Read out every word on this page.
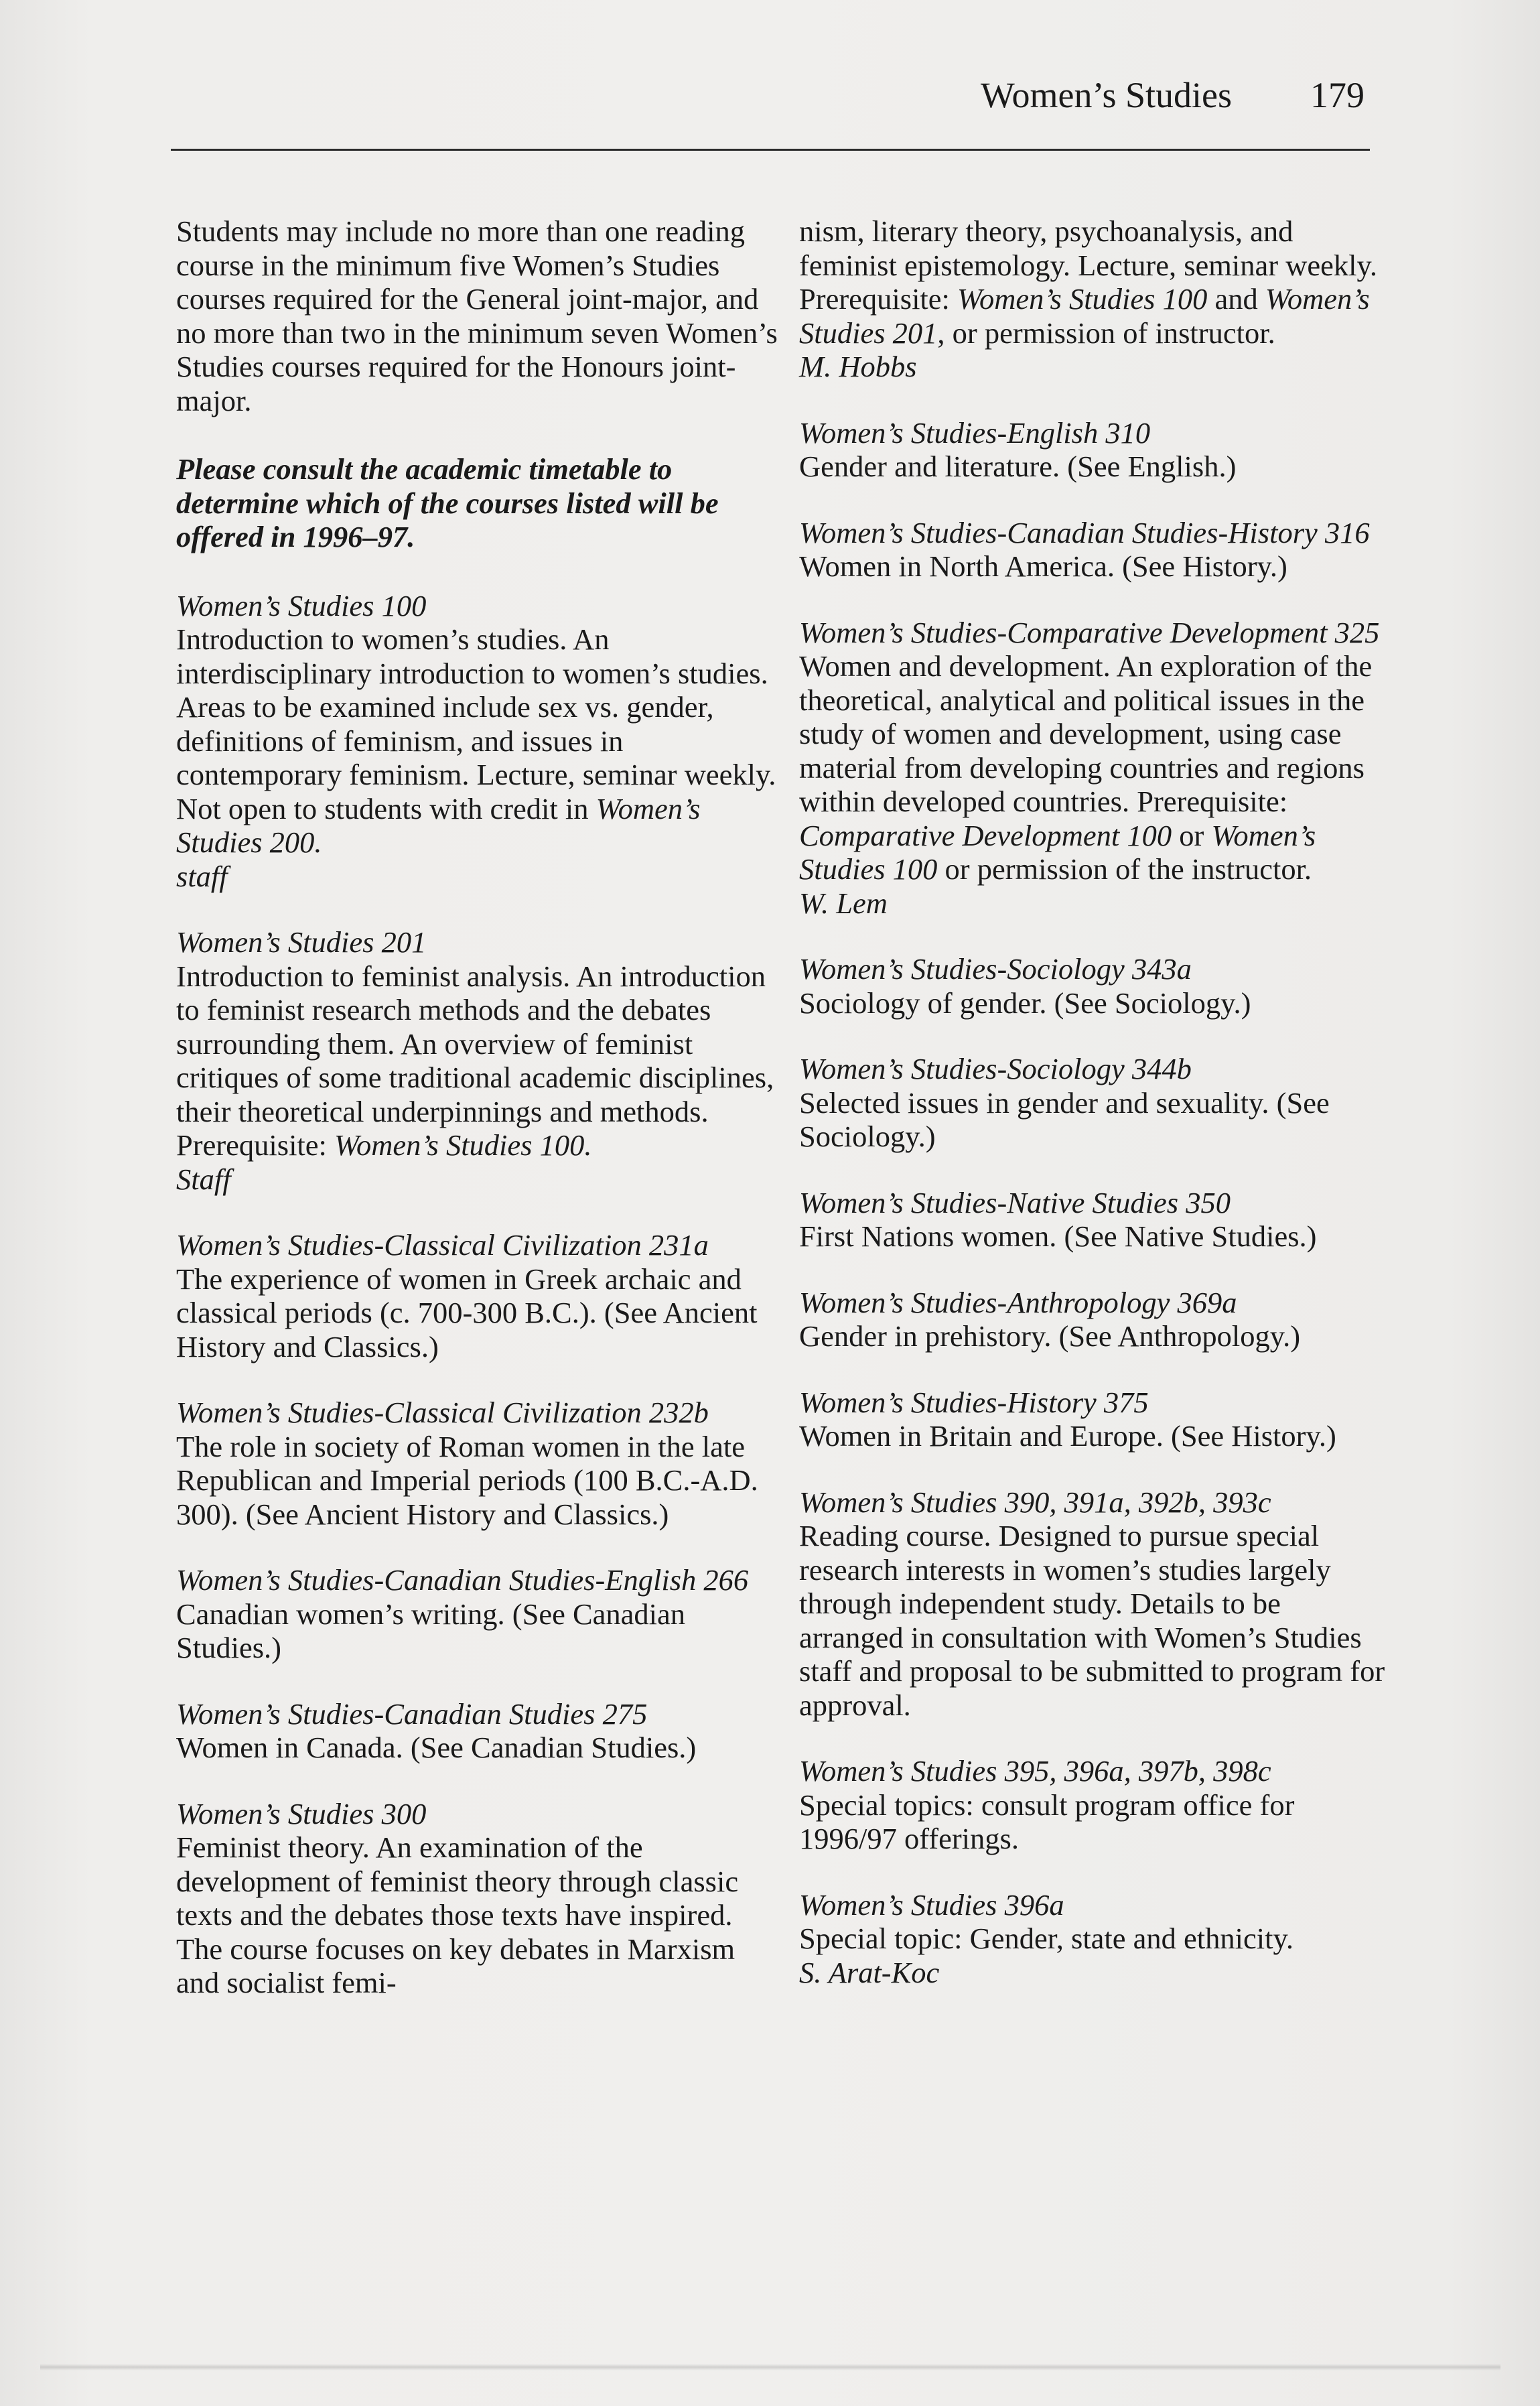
Women’s Studies 179

Students may include no more than one reading course in the minimum five Women’s Studies courses required for the General joint-major, and no more than two in the minimum seven Women’s Studies courses required for the Honours joint-major.

Please consult the academic timetable to determine which of the courses listed will be offered in 1996–97.

Women’s Studies 100
Introduction to women’s studies. An interdisciplinary introduction to women’s studies. Areas to be examined include sex vs. gender, definitions of feminism, and issues in contemporary feminism. Lecture, seminar weekly. Not open to students with credit in Women’s Studies 200.
staff
Women’s Studies 201
Introduction to feminist analysis. An introduction to feminist research methods and the debates surrounding them. An overview of feminist critiques of some traditional academic disciplines, their theoretical underpinnings and methods. Prerequisite: Women’s Studies 100.
Staff
Women’s Studies-Classical Civilization 231a
The experience of women in Greek archaic and classical periods (c. 700-300 B.C.). (See Ancient History and Classics.)
Women’s Studies-Classical Civilization 232b
The role in society of Roman women in the late Republican and Imperial periods (100 B.C.-A.D. 300). (See Ancient History and Classics.)
Women’s Studies-Canadian Studies-English 266
Canadian women’s writing. (See Canadian Studies.)
Women’s Studies-Canadian Studies 275
Women in Canada. (See Canadian Studies.)
Women’s Studies 300
Feminist theory. An examination of the development of feminist theory through classic texts and the debates those texts have inspired. The course focuses on key debates in Marxism and socialist femi-
nism, literary theory, psychoanalysis, and feminist epistemology. Lecture, seminar weekly. Prerequisite: Women’s Studies 100 and Women’s Studies 201, or permission of instructor.
M. Hobbs
Women’s Studies-English 310
Gender and literature. (See English.)
Women’s Studies-Canadian Studies-History 316
Women in North America. (See History.)
Women’s Studies-Comparative Development 325
Women and development. An exploration of the theoretical, analytical and political issues in the study of women and development, using case material from developing countries and regions within developed countries. Prerequisite: Comparative Development 100 or Women’s Studies 100 or permission of the instructor.
W. Lem
Women’s Studies-Sociology 343a
Sociology of gender. (See Sociology.)
Women’s Studies-Sociology 344b
Selected issues in gender and sexuality. (See Sociology.)
Women’s Studies-Native Studies 350
First Nations women. (See Native Studies.)
Women’s Studies-Anthropology 369a
Gender in prehistory. (See Anthropology.)
Women’s Studies-History 375
Women in Britain and Europe. (See History.)
Women’s Studies 390, 391a, 392b, 393c
Reading course. Designed to pursue special research interests in women’s studies largely through independent study. Details to be arranged in consultation with Women’s Studies staff and proposal to be submitted to program for approval.
Women’s Studies 395, 396a, 397b, 398c
Special topics: consult program office for 1996/97 offerings.
Women’s Studies 396a
Special topic: Gender, state and ethnicity.
S. Arat-Koc
